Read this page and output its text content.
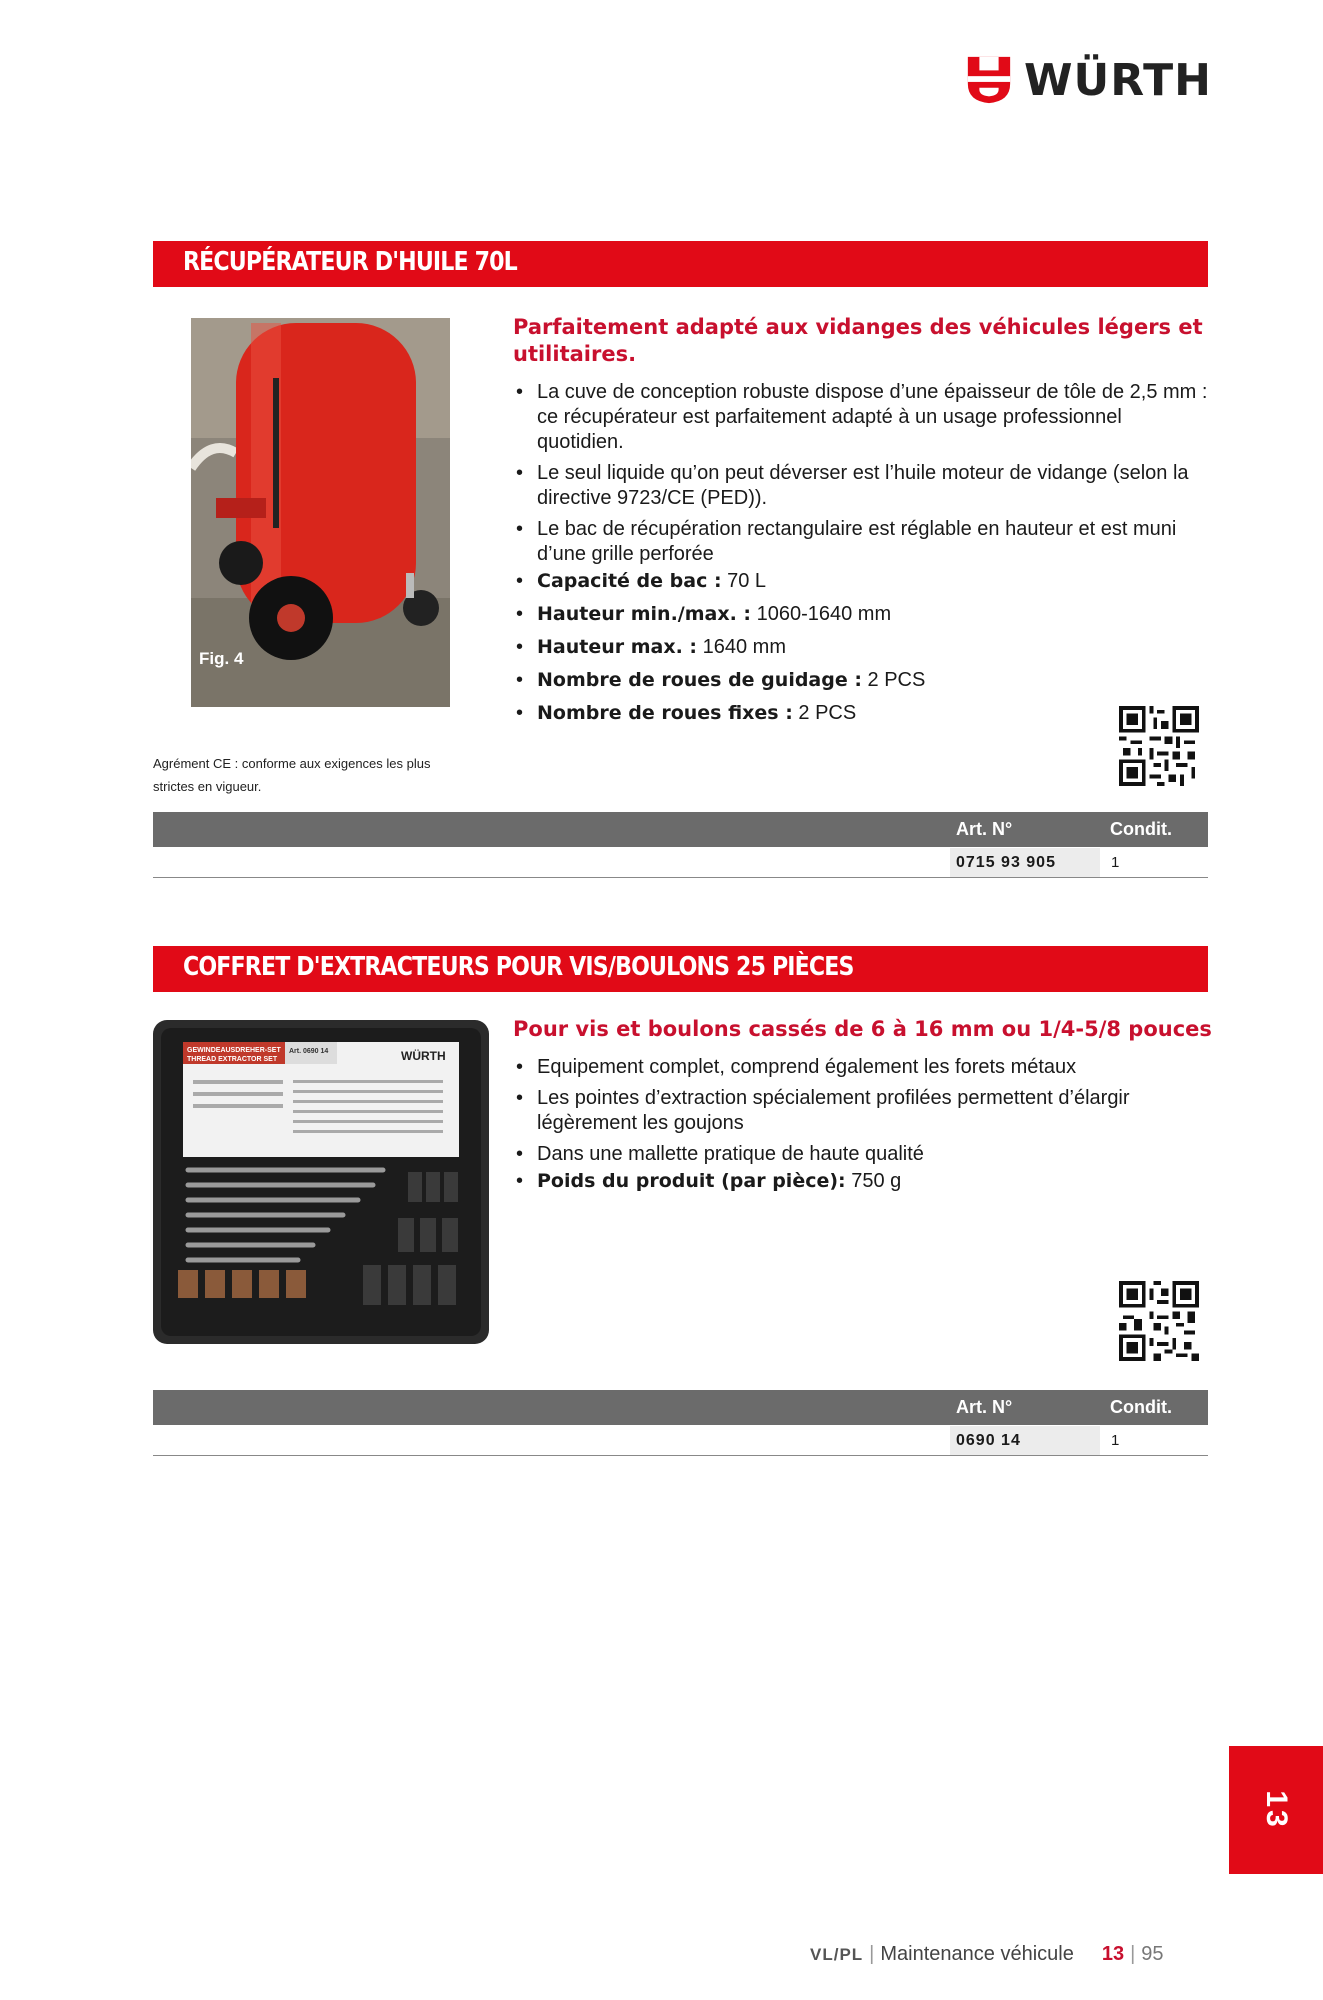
WÜRTH
RÉCUPÉRATEUR D'HUILE 70L
Fig. 4
Parfaitement adapté aux vidanges des véhicules légers et utilitaires.
• La cuve de conception robuste dispose d’une épaisseur de tôle de 2,5 mm : ce récupérateur est parfaitement adapté à un usage professionnel quotidien.
• Le seul liquide qu’on peut déverser est l’huile moteur de vidange (selon la directive 9723/CE (PED)).
• Le bac de récupération rectangulaire est réglable en hauteur et est muni d’une grille perforée
• Capacité de bac : 70 L
• Hauteur min./max. : 1060-1640 mm
• Hauteur max. : 1640 mm
• Nombre de roues de guidage : 2 PCS
• Nombre de roues fixes : 2 PCS
Agrément CE : conforme aux exigences les plus strictes en vigueur.
Art. N°	Condit.
0715 93 905	1
COFFRET D'EXTRACTEURS POUR VIS/BOULONS 25 PIÈCES
GEWINDEAUSDREHER-SET
THREAD EXTRACTOR SET
Art. 0690 14	WÜRTH
Pour vis et boulons cassés de 6 à 16 mm ou 1/4-5/8 pouces
• Equipement complet, comprend également les forets métaux
• Les pointes d’extraction spécialement profilées permettent d’élargir légèrement les goujons
• Dans une mallette pratique de haute qualité
• Poids du produit (par pièce): 750 g
Art. N°	Condit.
0690 14	1
13
VL/PL | Maintenance véhicule 13 | 95
